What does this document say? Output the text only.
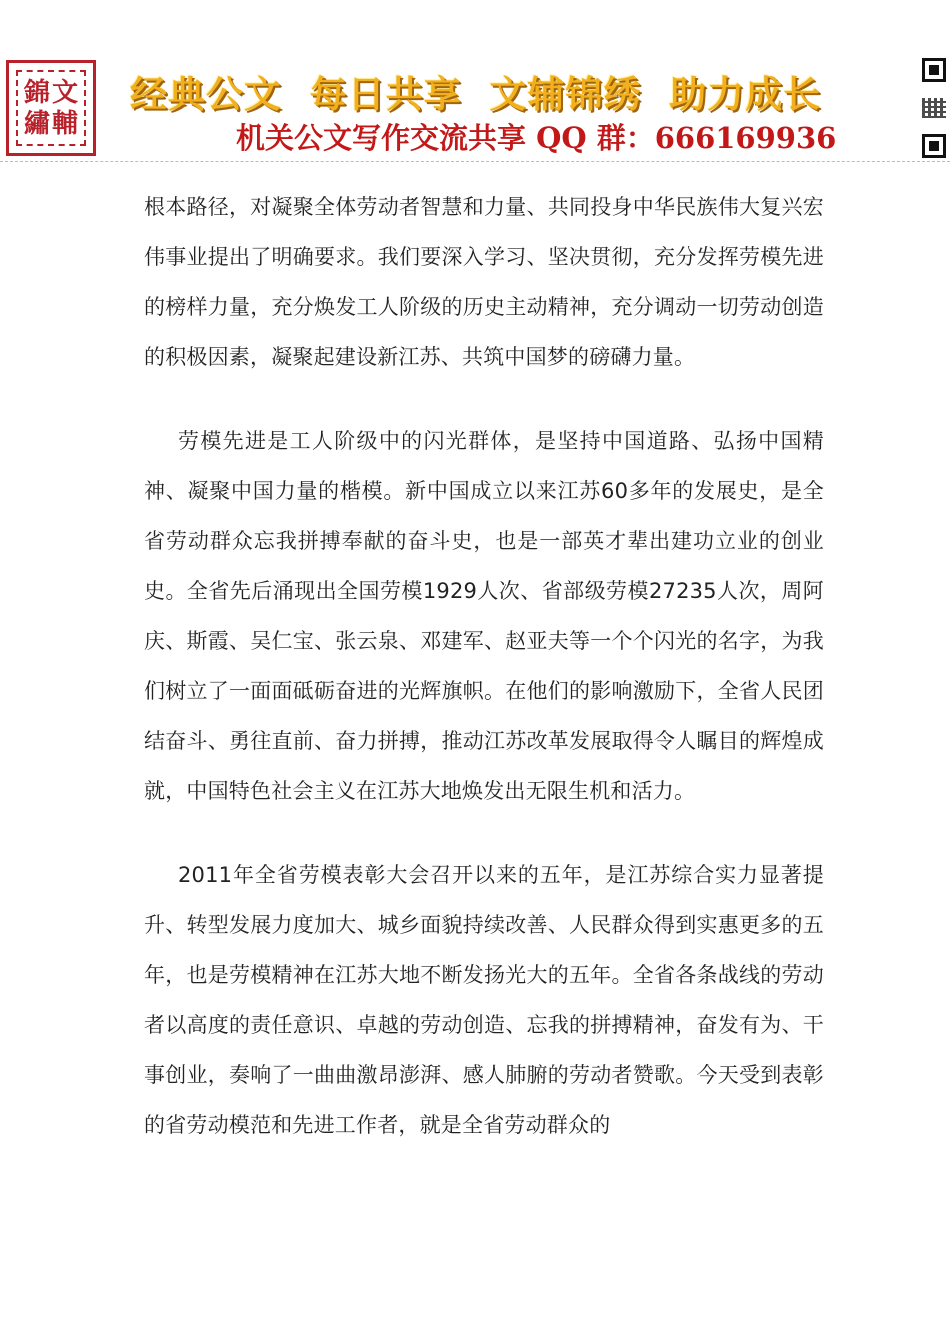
錦 文
繡 輔
经典公文  每日共享  文辅锦绣  助力成长
机关公文写作交流共享 QQ 群：666169936

根本路径，对凝聚全体劳动者智慧和力量、共同投身中华民族伟大复兴宏伟事业提出了明确要求。我们要深入学习、坚决贯彻，充分发挥劳模先进的榜样力量，充分焕发工人阶级的历史主动精神，充分调动一切劳动创造的积极因素，凝聚起建设新江苏、共筑中国梦的磅礴力量。

劳模先进是工人阶级中的闪光群体，是坚持中国道路、弘扬中国精神、凝聚中国力量的楷模。新中国成立以来江苏60多年的发展史，是全省劳动群众忘我拼搏奉献的奋斗史，也是一部英才辈出建功立业的创业史。全省先后涌现出全国劳模1929人次、省部级劳模27235人次，周阿庆、斯霞、吴仁宝、张云泉、邓建军、赵亚夫等一个个闪光的名字，为我们树立了一面面砥砺奋进的光辉旗帜。在他们的影响激励下，全省人民团结奋斗、勇往直前、奋力拼搏，推动江苏改革发展取得令人瞩目的辉煌成就，中国特色社会主义在江苏大地焕发出无限生机和活力。

2011年全省劳模表彰大会召开以来的五年，是江苏综合实力显著提升、转型发展力度加大、城乡面貌持续改善、人民群众得到实惠更多的五年，也是劳模精神在江苏大地不断发扬光大的五年。全省各条战线的劳动者以高度的责任意识、卓越的劳动创造、忘我的拼搏精神，奋发有为、干事创业，奏响了一曲曲激昂澎湃、感人肺腑的劳动者赞歌。今天受到表彰的省劳动模范和先进工作者，就是全省劳动群众的
